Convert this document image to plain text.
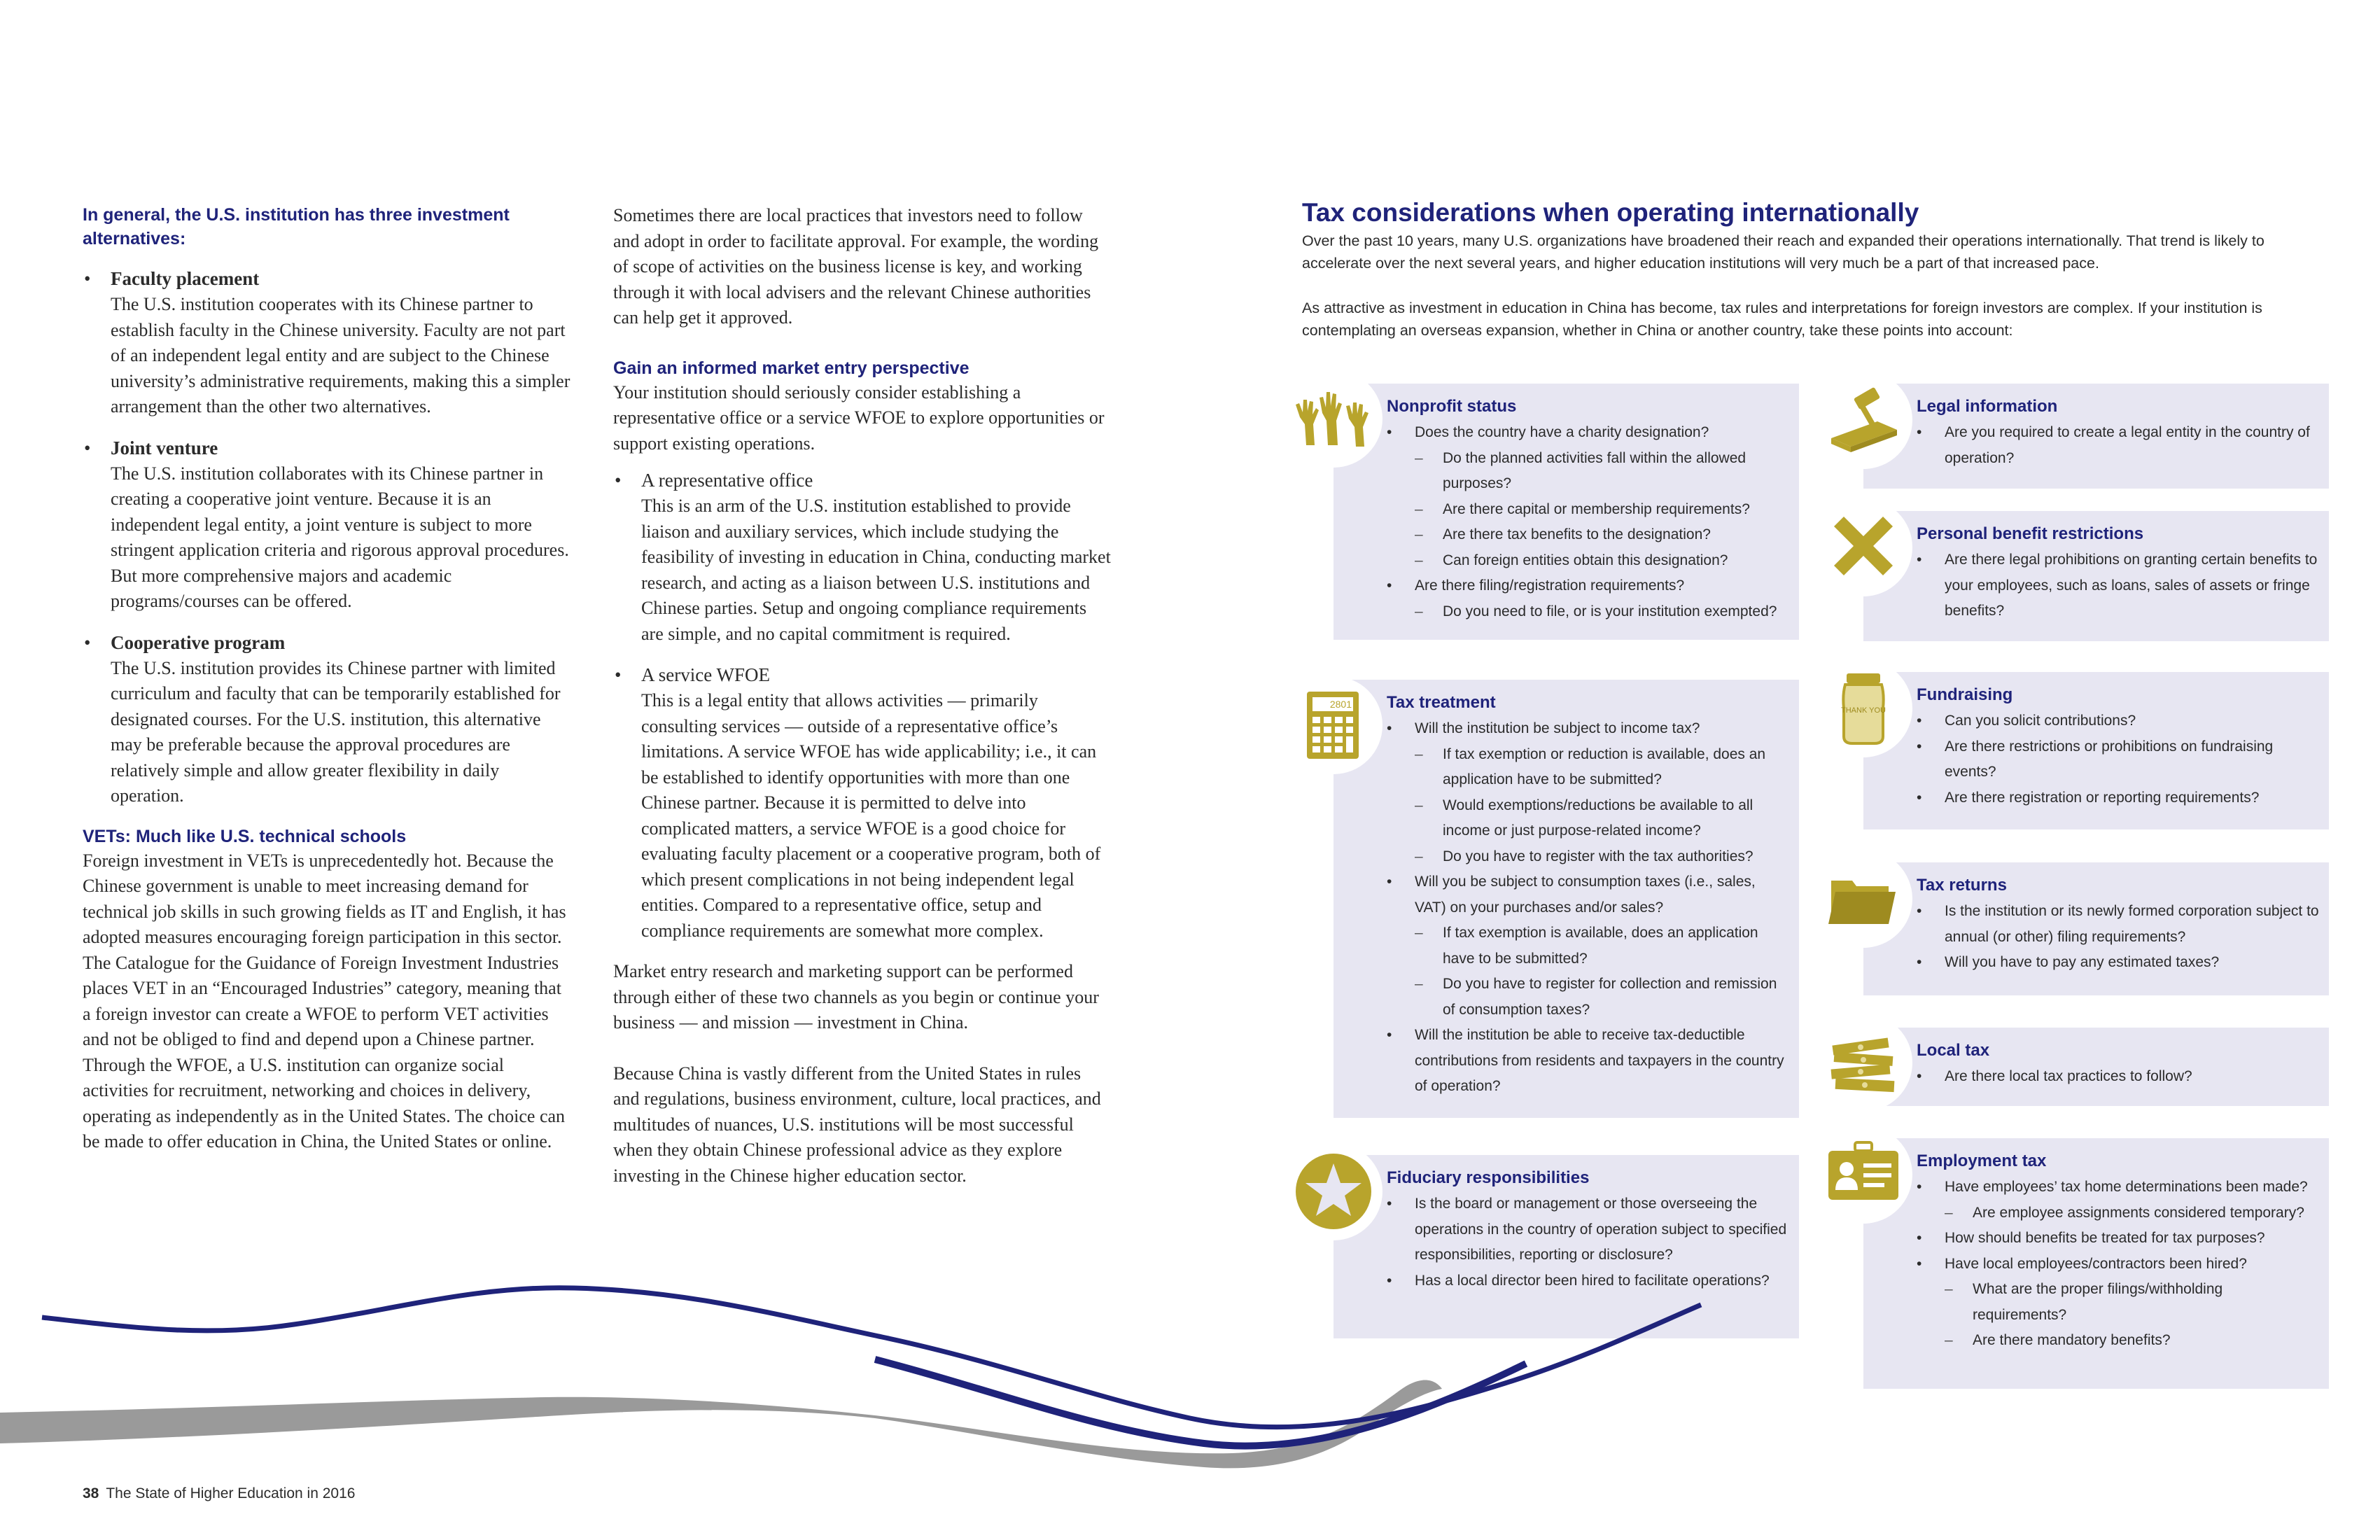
In general, the U.S. institution has three investment alternatives:

• Faculty placement

The U.S. institution cooperates with its Chinese partner to establish faculty in the Chinese university. Faculty are not part of an independent legal entity and are subject to the Chinese university’s administrative requirements, making this a simpler arrangement than the other two alternatives.

• Joint venture

The U.S. institution collaborates with its Chinese partner in creating a cooperative joint venture. Because it is an independent legal entity, a joint venture is subject to more stringent application criteria and rigorous approval procedures. But more comprehensive majors and academic programs/courses can be offered.

• Cooperative program

The U.S. institution provides its Chinese partner with limited curriculum and faculty that can be temporarily established for designated courses. For the U.S. institution, this alternative may be preferable because the approval procedures are relatively simple and allow greater flexibility in daily operation.

VETs: Much like U.S. technical schools

Foreign investment in VETs is unprecedentedly hot. Because the Chinese government is unable to meet increasing demand for technical job skills in such growing fields as IT and English, it has adopted measures encouraging foreign participation in this sector. The Catalogue for the Guidance of Foreign Investment Industries places VET in an “Encouraged Industries” category, meaning that a foreign investor can create a WFOE to perform VET activities and not be obliged to find and depend upon a Chinese partner. Through the WFOE, a U.S. institution can organize social activities for recruitment, networking and choices in delivery, operating as independently as in the United States. The choice can be made to offer education in China, the United States or online.

Sometimes there are local practices that investors need to follow and adopt in order to facilitate approval. For example, the wording of scope of activities on the business license is key, and working through it with local advisers and the relevant Chinese authorities can help get it approved.

Gain an informed market entry perspective

Your institution should seriously consider establishing a representative office or a service WFOE to explore opportunities or support existing operations.

• A representative office

This is an arm of the U.S. institution established to provide liaison and auxiliary services, which include studying the feasibility of investing in education in China, conducting market research, and acting as a liaison between U.S. institutions and Chinese parties. Setup and ongoing compliance requirements are simple, and no capital commitment is required.

• A service WFOE

This is a legal entity that allows activities — primarily consulting services — outside of a representative office’s limitations. A service WFOE has wide applicability; i.e., it can be established to identify opportunities with more than one Chinese partner. Because it is permitted to delve into complicated matters, a service WFOE is a good choice for evaluating faculty placement or a cooperative program, both of which present complications in not being independent legal entities. Compared to a representative office, setup and compliance requirements are somewhat more complex.

Market entry research and marketing support can be performed through either of these two channels as you begin or continue your business — and mission — investment in China.

Because China is vastly different from the United States in rules and regulations, business environment, culture, local practices, and multitudes of nuances, U.S. institutions will be most successful when they obtain Chinese professional advice as they explore investing in the Chinese higher education sector.

Tax considerations when operating internationally

Over the past 10 years, many U.S. organizations have broadened their reach and expanded their operations internationally. That trend is likely to accelerate over the next several years, and higher education institutions will very much be a part of that increased pace.

As attractive as investment in education in China has become, tax rules and interpretations for foreign investors are complex. If your institution is contemplating an overseas expansion, whether in China or another country, take these points into account:

Nonprofit status

• Does the country have a charity designation?
– Do the planned activities fall within the allowed purposes?
– Are there capital or membership requirements?
– Are there tax benefits to the designation?
– Can foreign entities obtain this designation?
• Are there filing/registration requirements?
– Do you need to file, or is your institution exempted?

Tax treatment

• Will the institution be subject to income tax?
– If tax exemption or reduction is available, does an application have to be submitted?
– Would exemptions/reductions be available to all income or just purpose-related income?
– Do you have to register with the tax authorities?
• Will you be subject to consumption taxes (i.e., sales, VAT) on your purchases and/or sales?
– If tax exemption is available, does an application have to be submitted?
– Do you have to register for collection and remission of consumption taxes?
• Will the institution be able to receive tax-deductible contributions from residents and taxpayers in the country of operation?
2801

Fiduciary responsibilities

• Is the board or management or those overseeing the operations in the country of operation subject to specified responsibilities, reporting or disclosure?
• Has a local director been hired to facilitate operations?

Legal information

• Are you required to create a legal entity in the country of operation?

Personal benefit restrictions

• Are there legal prohibitions on granting certain benefits to your employees, such as loans, sales of assets or fringe benefits?

Fundraising

• Can you solicit contributions?
• Are there restrictions or prohibitions on fundraising events?
• Are there registration or reporting requirements?
THANK YOU

Tax returns

• Is the institution or its newly formed corporation subject to annual (or other) filing requirements?
• Will you have to pay any estimated taxes?

Local tax

• Are there local tax practices to follow?

Employment tax

• Have employees’ tax home determinations been made?
– Are employee assignments considered temporary?
• How should benefits be treated for tax purposes?
• Have local employees/contractors been hired?
– What are the proper filings/withholding requirements?
– Are there mandatory benefits?
38 The State of Higher Education in 2016
